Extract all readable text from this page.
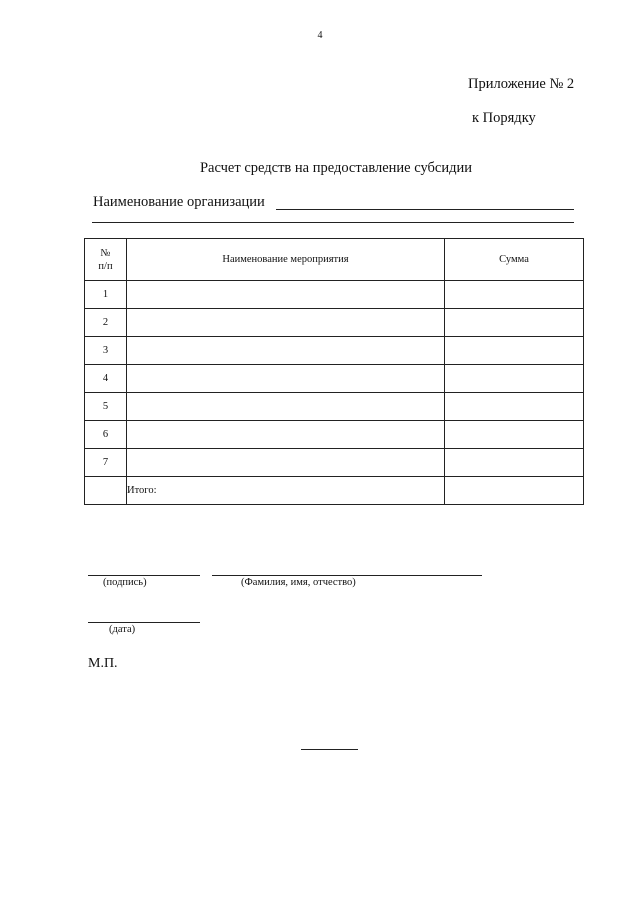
4
Приложение № 2
к Порядку
Расчет средств на предоставление субсидии
Наименование организации
№
п/п	Наименование мероприятия	Сумма
1		
2		
3		
4		
5		
6		
7		
	Итого:	
(подпись)	(Фамилия, имя, отчество)
(дата)
М.П.
